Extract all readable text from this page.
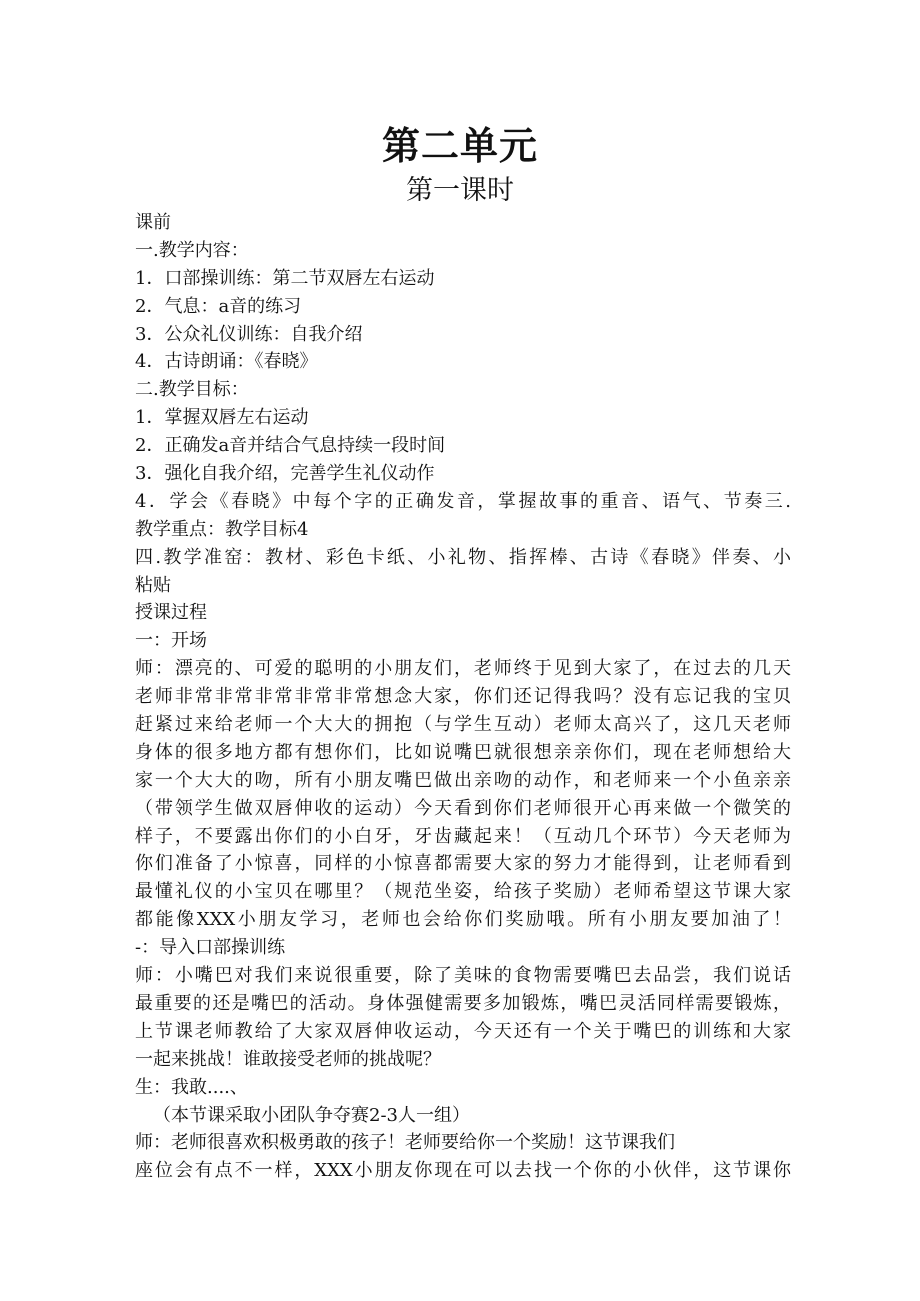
第二单元
第一课时
课前
一.教学内容：
1．口部操训练：第二节双唇左右运动
2．气息：a音的练习
3．公众礼仪训练：自我介绍
4．古诗朗诵：《春晓》
二.教学目标：
1．掌握双唇左右运动
2．正确发a音并结合气息持续一段时间
3．强化自我介绍，完善学生礼仪动作
4．学会《春晓》中每个字的正确发音，掌握故事的重音、语气、节奏三.
教学重点：教学目标4
四.教学准窑：教材、彩色卡纸、小礼物、指挥棒、古诗《春晓》伴奏、小
粘贴
授课过程
一：开场
师：漂亮的、可爱的聪明的小朋友们，老师终于见到大家了，在过去的几天
老师非常非常非常非常非常想念大家，你们还记得我吗？没有忘记我的宝贝
赶紧过来给老师一个大大的拥抱（与学生互动）老师太高兴了，这几天老师
身体的很多地方都有想你们，比如说嘴巴就很想亲亲你们，现在老师想给大
家一个大大的吻，所有小朋友嘴巴做出亲吻的动作，和老师来一个小鱼亲亲
（带领学生做双唇伸收的运动）今天看到你们老师很开心再来做一个微笑的
样子，不要露出你们的小白牙，牙齿藏起来！（互动几个环节）今天老师为
你们准备了小惊喜，同样的小惊喜都需要大家的努力才能得到，让老师看到
最懂礼仪的小宝贝在哪里？（规范坐姿，给孩子奖励）老师希望这节课大家
都能像XXX小朋友学习，老师也会给你们奖励哦。所有小朋友要加油了！
-：导入口部操训练
师：小嘴巴对我们来说很重要，除了美味的食物需要嘴巴去品尝，我们说话
最重要的还是嘴巴的活动。身体强健需要多加锻炼，嘴巴灵活同样需要锻炼，
上节课老师教给了大家双唇伸收运动，今天还有一个关于嘴巴的训练和大家
一起来挑战！谁敢接受老师的挑战呢？
生：我敢....、
（本节课采取小团队争夺赛2-3人一组）
师：老师很喜欢积极勇敢的孩子！老师要给你一个奖励！这节课我们
座位会有点不一样，XXX小朋友你现在可以去找一个你的小伙伴，这节课你
